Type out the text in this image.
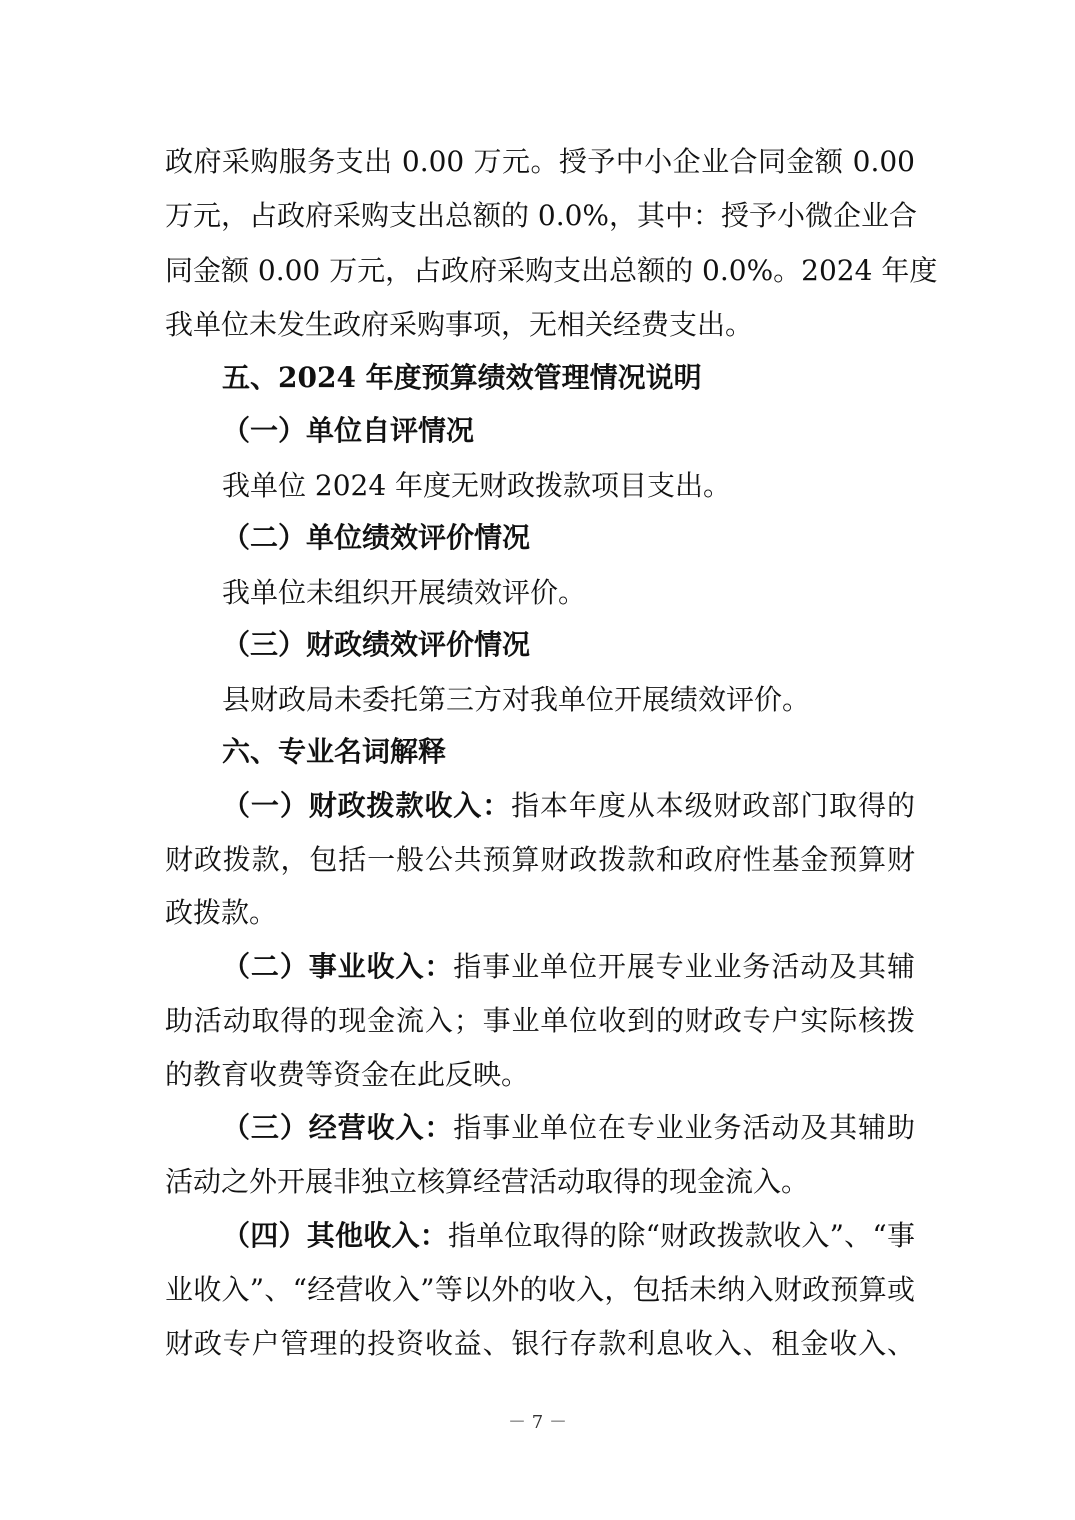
政府采购服务支出 0.00 万元。授予中小企业合同金额 0.00
万元，占政府采购支出总额的 0.0%，其中：授予小微企业合
同金额 0.00 万元，占政府采购支出总额的 0.0%。2024 年度
我单位未发生政府采购事项，无相关经费支出。
五、2024 年度预算绩效管理情况说明
（一）单位自评情况
我单位 2024 年度无财政拨款项目支出。
（二）单位绩效评价情况
我单位未组织开展绩效评价。
（三）财政绩效评价情况
县财政局未委托第三方对我单位开展绩效评价。
六、专业名词解释
（一）财政拨款收入：指本年度从本级财政部门取得的
财政拨款，包括一般公共预算财政拨款和政府性基金预算财
政拨款。
（二）事业收入：指事业单位开展专业业务活动及其辅
助活动取得的现金流入；事业单位收到的财政专户实际核拨
的教育收费等资金在此反映。
（三）经营收入：指事业单位在专业业务活动及其辅助
活动之外开展非独立核算经营活动取得的现金流入。
（四）其他收入：指单位取得的除“财政拨款收入”、“事
业收入”、“经营收入”等以外的收入，包括未纳入财政预算或
财政专户管理的投资收益、银行存款利息收入、租金收入、
－ 7 －
